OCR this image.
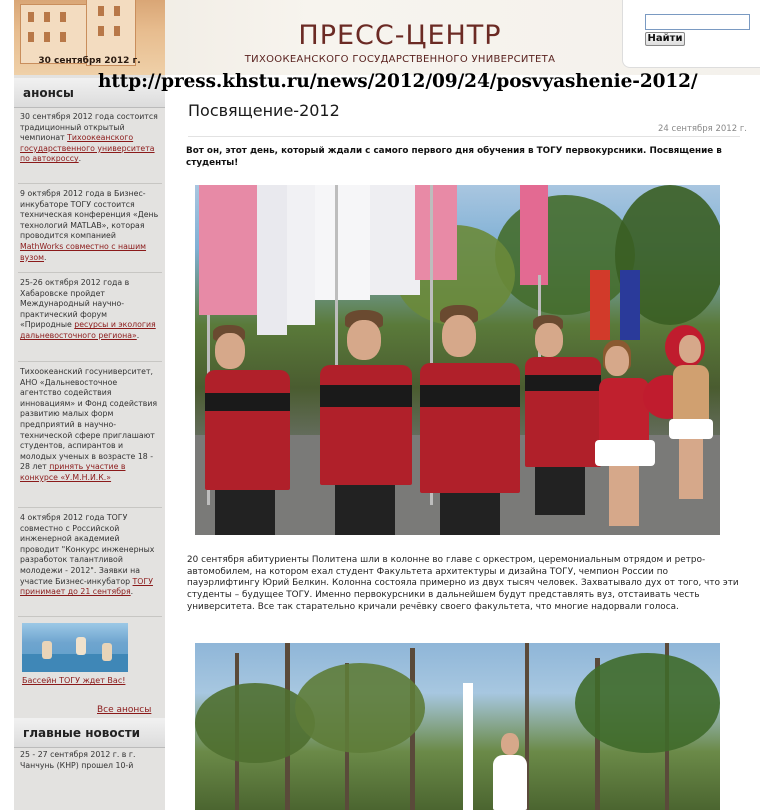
30 сентября 2012 г.
ПРЕСС-ЦЕНТР
ТИХООКЕАНСКОГО ГОСУДАРСТВЕННОГО УНИВЕРСИТЕТА
Найти
анонсы
30 сентября 2012 года состоится традиционный открытый чемпионат Тихоокеанского государственного университета по автокроссу.
9 октября 2012 года в Бизнес-инкубаторе ТОГУ состоится техническая конференция «День технологий MATLAB», которая проводится компанией MathWorks совместно с нашим вузом.
25-26 октября 2012 года в Хабаровске пройдет Международный научно-практический форум «Природные ресурсы и экология дальневосточного региона».
Тихоокеанский госуниверситет, АНО «Дальневосточное агентство содействия инновациям» и Фонд содействия развитию малых форм предприятий в научно-технической сфере приглашают студентов, аспирантов и молодых ученых в возрасте 18 - 28 лет принять участие в конкурсе «У.М.Н.И.К.»
4 октября 2012 года ТОГУ совместно с Российской инженерной академией проводит "Конкурс инженерных разработок талантливой молодежи - 2012". Заявки на участие Бизнес-инкубатор ТОГУ принимает до 21 сентября.
Бассейн ТОГУ ждет Вас!
Все анонсы
главные новости
25 - 27 сентября 2012 г. в г. Чанчунь (КНР) прошел 10-й
http://press.khstu.ru/news/2012/09/24/posvyashenie-2012/
Посвящение-2012
24 сентября 2012 г.
Вот он, этот день, который ждали с самого первого дня обучения в ТОГУ первокурсники. Посвящение в студенты!
20 сентября абитуриенты Политена шли в колонне во главе с оркестром, церемониальным отрядом и ретро-автомобилем, на котором ехал студент Факультета архитектуры и дизайна ТОГУ, чемпион России по пауэрлифтингу Юрий Белкин. Колонна состояла примерно из двух тысяч человек. Захватывало дух от того, что эти студенты – будущее ТОГУ. Именно первокурсники в дальнейшем будут представлять вуз, отстаивать честь университета. Все так старательно кричали речёвку своего факультета, что многие надорвали голоса.
